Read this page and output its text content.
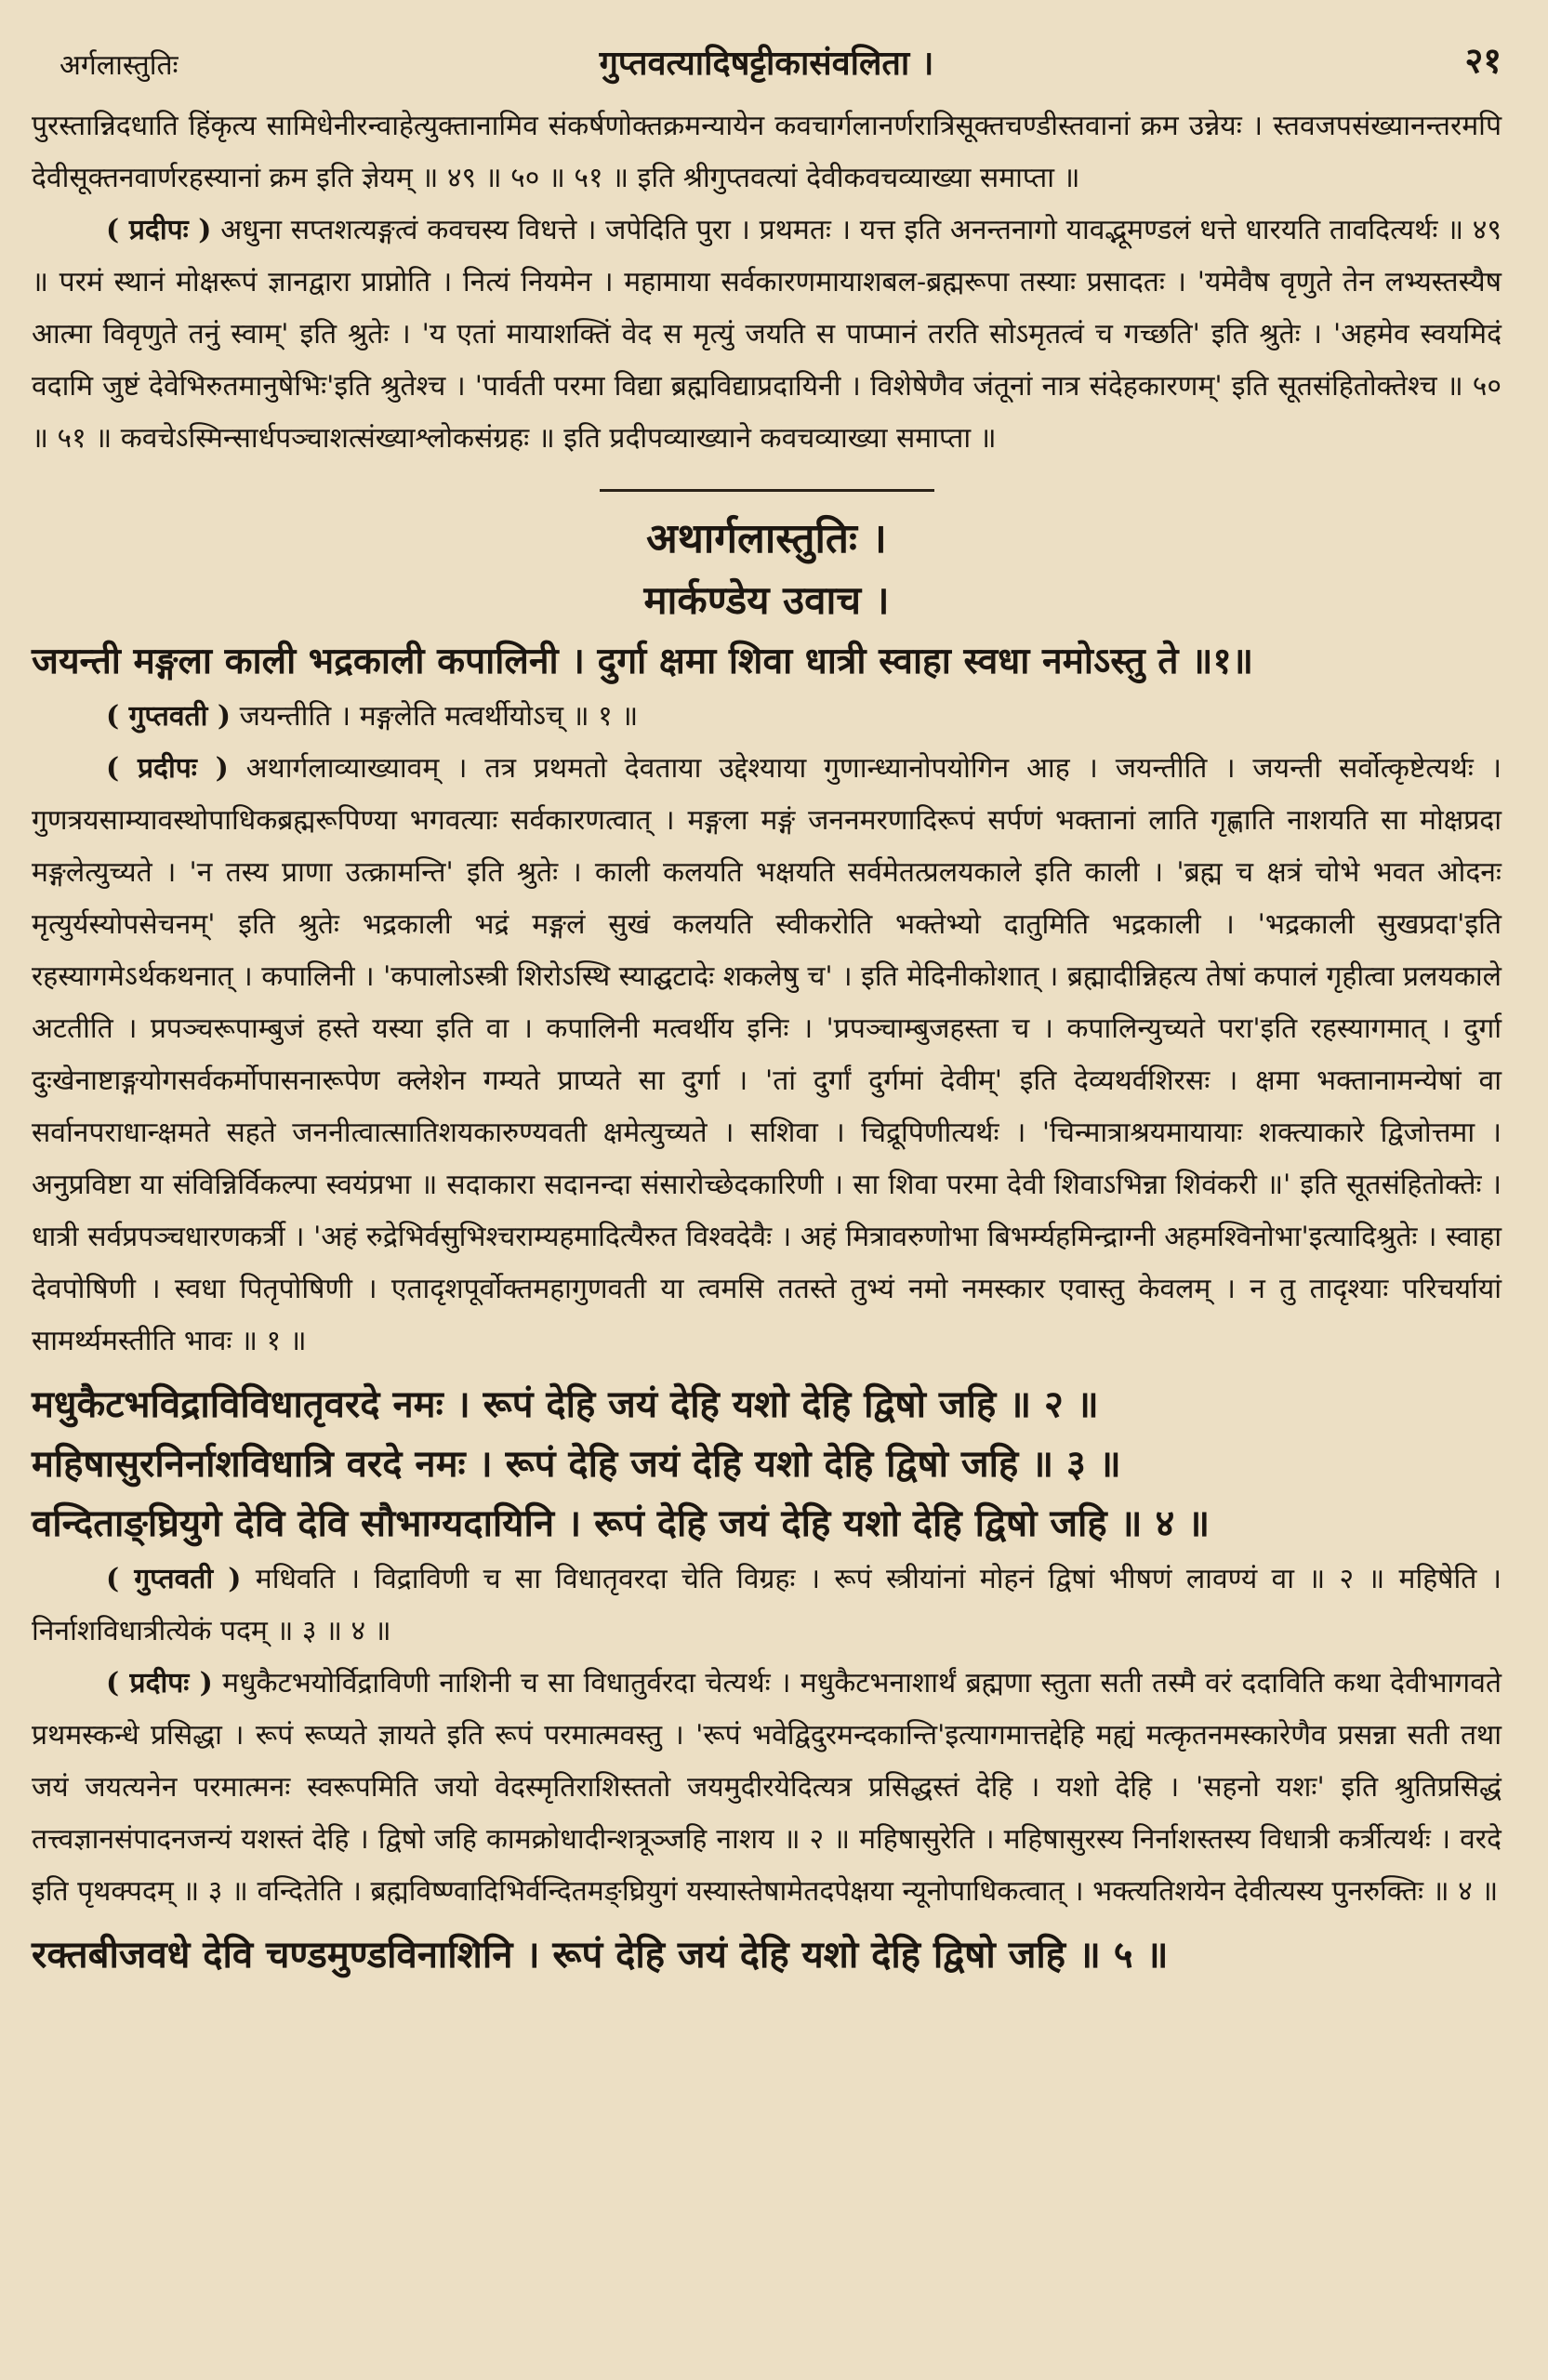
अर्गलास्तुतिः	गुप्तवत्यादिषट्टीकासंवलिता ।	२१

पुरस्तान्निदधाति हिंकृत्य सामिधेनीरन्वाहेत्युक्तानामिव संकर्षणोक्तक्रमन्यायेन कवचार्गलानर्णरात्रिसूक्तचण्डीस्तवानां क्रम उन्नेयः । स्तवजपसंख्यानन्तरमपि देवीसूक्तनवार्णरहस्यानां क्रम इति ज्ञेयम् ॥ ४९ ॥ ५० ॥ ५१ ॥ इति श्रीगुप्तवत्यां देवीकवचव्याख्या समाप्ता ॥

( प्रदीपः ) अधुना सप्तशत्यङ्गत्वं कवचस्य विधत्ते । जपेदिति पुरा । प्रथमतः । यत्त इति अनन्तनागो यावद्भूमण्डलं धत्ते धारयति तावदित्यर्थः ॥ ४९ ॥ परमं स्थानं मोक्षरूपं ज्ञानद्वारा प्राप्नोति । नित्यं नियमेन । महामाया सर्वकारणमायाशबल-ब्रह्मरूपा तस्याः प्रसादतः । 'यमेवैष वृणुते तेन लभ्यस्तस्यैष आत्मा विवृणुते तनुं स्वाम्' इति श्रुतेः । 'य एतां मायाशक्तिं वेद स मृत्युं जयति स पाप्मानं तरति सोऽमृतत्वं च गच्छति' इति श्रुतेः । 'अहमेव स्वयमिदं वदामि जुष्टं देवेभिरुतमानुषेभिः'इति श्रुतेश्च । 'पार्वती परमा विद्या ब्रह्मविद्याप्रदायिनी । विशेषेणैव जंतूनां नात्र संदेहकारणम्' इति सूतसंहितोक्तेश्च ॥ ५० ॥ ५१ ॥ कवचेऽस्मिन्सार्धपञ्चाशत्संख्याश्लोकसंग्रहः ॥ इति प्रदीपव्याख्याने कवचव्याख्या समाप्ता ॥

अथार्गलास्तुतिः ।

मार्कण्डेय उवाच ।

जयन्ती मङ्गला काली भद्रकाली कपालिनी । दुर्गा क्षमा शिवा धात्री स्वाहा स्वधा नमोऽस्तु ते ॥१॥

( गुप्तवती ) जयन्तीति । मङ्गलेति मत्वर्थीयोऽच् ॥ १ ॥

( प्रदीपः ) अथार्गलाव्याख्यावम् । तत्र प्रथमतो देवताया उद्देश्याया गुणान्ध्यानोपयोगिन आह । जयन्तीति । जयन्ती सर्वोत्कृष्टेत्यर्थः । गुणत्रयसाम्यावस्थोपाधिकब्रह्मरूपिण्या भगवत्याः सर्वकारणत्वात् । मङ्गला मङ्गं जननमरणादिरूपं सर्पणं भक्तानां लाति गृह्णाति नाशयति सा मोक्षप्रदा मङ्गलेत्युच्यते । 'न तस्य प्राणा उत्क्रामन्ति' इति श्रुतेः । काली कलयति भक्षयति सर्वमेतत्प्रलयकाले इति काली । 'ब्रह्म च क्षत्रं चोभे भवत ओदनः मृत्युर्यस्योपसेचनम्' इति श्रुतेः भद्रकाली भद्रं मङ्गलं सुखं कलयति स्वीकरोति भक्तेभ्यो दातुमिति भद्रकाली । 'भद्रकाली सुखप्रदा'इति रहस्यागमेऽर्थकथनात् । कपालिनी । 'कपालोऽस्त्री शिरोऽस्थि स्याद्घटादेः शकलेषु च' । इति मेदिनीकोशात् । ब्रह्मादीन्निहत्य तेषां कपालं गृहीत्वा प्रलयकाले अटतीति । प्रपञ्चरूपाम्बुजं हस्ते यस्या इति वा । कपालिनी मत्वर्थीय इनिः । 'प्रपञ्चाम्बुजहस्ता च । कपालिन्युच्यते परा'इति रहस्यागमात् । दुर्गा दुःखेनाष्टाङ्गयोगसर्वकर्मोपासनारूपेण क्लेशेन गम्यते प्राप्यते सा दुर्गा । 'तां दुर्गां दुर्गमां देवीम्' इति देव्यथर्वशिरसः । क्षमा भक्तानामन्येषां वा सर्वानपराधान्क्षमते सहते जननीत्वात्सातिशयकारुण्यवती क्षमेत्युच्यते । सशिवा । चिद्रूपिणीत्यर्थः । 'चिन्मात्राश्रयमायायाः शक्त्याकारे द्विजोत्तमा । अनुप्रविष्टा या संविन्निर्विकल्पा स्वयंप्रभा ॥ सदाकारा सदानन्दा संसारोच्छेदकारिणी । सा शिवा परमा देवी शिवाऽभिन्ना शिवंकरी ॥' इति सूतसंहितोक्तेः । धात्री सर्वप्रपञ्चधारणकर्त्री । 'अहं रुद्रेभिर्वसुभिश्चराम्यहमादित्यैरुत विश्वदेवैः । अहं मित्रावरुणोभा बिभर्म्यहमिन्द्राग्नी अहमश्विनोभा'इत्यादिश्रुतेः । स्वाहा देवपोषिणी । स्वधा पितृपोषिणी । एतादृशपूर्वोक्तमहागुणवती या त्वमसि ततस्ते तुभ्यं नमो नमस्कार एवास्तु केवलम् । न तु तादृश्याः परिचर्यायां सामर्थ्यमस्तीति भावः ॥ १ ॥

मधुकैटभविद्राविविधातृवरदे नमः । रूपं देहि जयं देहि यशो देहि द्विषो जहि ॥ २ ॥

महिषासुरनिर्नाशविधात्रि वरदे नमः । रूपं देहि जयं देहि यशो देहि द्विषो जहि ॥ ३ ॥

वन्दिताङ्घ्रियुगे देवि देवि सौभाग्यदायिनि । रूपं देहि जयं देहि यशो देहि द्विषो जहि ॥ ४ ॥

( गुप्तवती ) मधिवति । विद्राविणी च सा विधातृवरदा चेति विग्रहः । रूपं स्त्रीयांनां मोहनं द्विषां भीषणं लावण्यं वा ॥ २ ॥ महिषेति । निर्नाशविधात्रीत्येकं पदम् ॥ ३ ॥ ४ ॥

( प्रदीपः ) मधुकैटभयोर्विद्राविणी नाशिनी च सा विधातुर्वरदा चेत्यर्थः । मधुकैटभनाशार्थं ब्रह्मणा स्तुता सती तस्मै वरं ददाविति कथा देवीभागवते प्रथमस्कन्धे प्रसिद्धा । रूपं रूप्यते ज्ञायते इति रूपं परमात्मवस्तु । 'रूपं भवेद्विदुरमन्दकान्ति'इत्यागमात्तद्देहि मह्यं मत्कृतनमस्कारेणैव प्रसन्ना सती तथा जयं जयत्यनेन परमात्मनः स्वरूपमिति जयो वेदस्मृतिराशिस्ततो जयमुदीरयेदित्यत्र प्रसिद्धस्तं देहि । यशो देहि । 'सहनो यशः' इति श्रुतिप्रसिद्धं तत्त्वज्ञानसंपादनजन्यं यशस्तं देहि । द्विषो जहि कामक्रोधादीन्शत्रूञ्जहि नाशय ॥ २ ॥ महिषासुरेति । महिषासुरस्य निर्नाशस्तस्य विधात्री कर्त्रीत्यर्थः । वरदे इति पृथक्पदम् ॥ ३ ॥ वन्दितेति । ब्रह्मविष्ण्वादिभिर्वन्दितमङ्घ्रियुगं यस्यास्तेषामेतदपेक्षया न्यूनोपाधिकत्वात् । भक्त्यतिशयेन देवीत्यस्य पुनरुक्तिः ॥ ४ ॥

रक्तबीजवधे देवि चण्डमुण्डविनाशिनि । रूपं देहि जयं देहि यशो देहि द्विषो जहि ॥ ५ ॥
